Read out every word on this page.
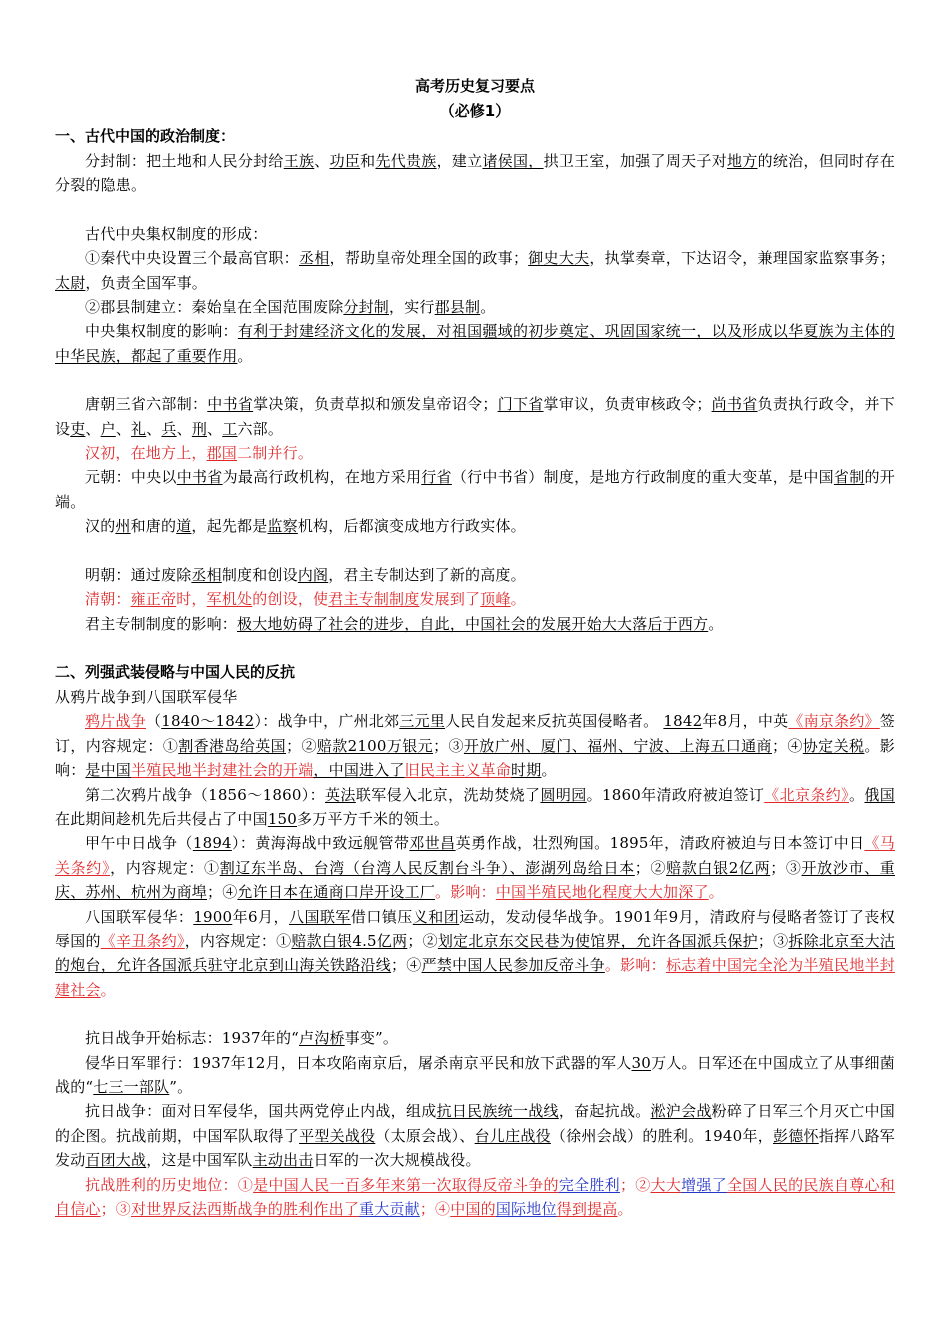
高考历史复习要点

（必修1）

一、古代中国的政治制度：

分封制：把土地和人民分封给王族、功臣和先代贵族，建立诸侯国，拱卫王室，加强了周天子对地方的统治，但同时存在分裂的隐患。

古代中央集权制度的形成：

①秦代中央设置三个最高官职：丞相，帮助皇帝处理全国的政事；御史大夫，执掌奏章，下达诏令，兼理国家监察事务；太尉，负责全国军事。

②郡县制建立：秦始皇在全国范围废除分封制，实行郡县制。

中央集权制度的影响：有利于封建经济文化的发展，对祖国疆域的初步奠定、巩固国家统一，以及形成以华夏族为主体的中华民族，都起了重要作用。

唐朝三省六部制：中书省掌决策，负责草拟和颁发皇帝诏令；门下省掌审议，负责审核政令；尚书省负责执行政令，并下设吏、户、礼、兵、刑、工六部。

汉初，在地方上，郡国二制并行。

元朝：中央以中书省为最高行政机构，在地方采用行省（行中书省）制度，是地方行政制度的重大变革，是中国省制的开端。

汉的州和唐的道，起先都是监察机构，后都演变成地方行政实体。

明朝：通过废除丞相制度和创设内阁，君主专制达到了新的高度。

清朝：雍正帝时，军机处的创设，使君主专制制度发展到了顶峰。

君主专制制度的影响：极大地妨碍了社会的进步，自此，中国社会的发展开始大大落后于西方。

二、列强武装侵略与中国人民的反抗

从鸦片战争到八国联军侵华

鸦片战争（1840～1842）：战争中，广州北郊三元里人民自发起来反抗英国侵略者。 1842年8月，中英《南京条约》签订，内容规定：①割香港岛给英国；②赔款2100万银元；③开放广州、厦门、福州、宁波、上海五口通商；④协定关税。影响：是中国半殖民地半封建社会的开端，中国进入了旧民主主义革命时期。

第二次鸦片战争（1856～1860）：英法联军侵入北京，洗劫焚烧了圆明园。1860年清政府被迫签订《北京条约》。俄国在此期间趁机先后共侵占了中国150多万平方千米的领土。

甲午中日战争（1894）：黄海海战中致远舰管带邓世昌英勇作战，壮烈殉国。1895年，清政府被迫与日本签订中日《马关条约》，内容规定：①割辽东半岛、台湾（台湾人民反割台斗争）、澎湖列岛给日本；②赔款白银2亿两；③开放沙市、重庆、苏州、杭州为商埠；④允许日本在通商口岸开设工厂。影响：中国半殖民地化程度大大加深了。

八国联军侵华：1900年6月，八国联军借口镇压义和团运动，发动侵华战争。1901年9月，清政府与侵略者签订了丧权辱国的《辛丑条约》，内容规定：①赔款白银4.5亿两；②划定北京东交民巷为使馆界，允许各国派兵保护；③拆除北京至大沽的炮台，允许各国派兵驻守北京到山海关铁路沿线；④严禁中国人民参加反帝斗争。影响：标志着中国完全沦为半殖民地半封建社会。

抗日战争开始标志：1937年的“卢沟桥事变”。

侵华日军罪行：1937年12月，日本攻陷南京后，屠杀南京平民和放下武器的军人30万人。日军还在中国成立了从事细菌战的“七三一部队”。

抗日战争：面对日军侵华，国共两党停止内战，组成抗日民族统一战线，奋起抗战。淞沪会战粉碎了日军三个月灭亡中国的企图。抗战前期，中国军队取得了平型关战役（太原会战）、台儿庄战役（徐州会战）的胜利。1940年，彭德怀指挥八路军发动百团大战，这是中国军队主动出击日军的一次大规模战役。

抗战胜利的历史地位：①是中国人民一百多年来第一次取得反帝斗争的完全胜利；②大大增强了全国人民的民族自尊心和自信心；③对世界反法西斯战争的胜利作出了重大贡献；④中国的国际地位得到提高。
